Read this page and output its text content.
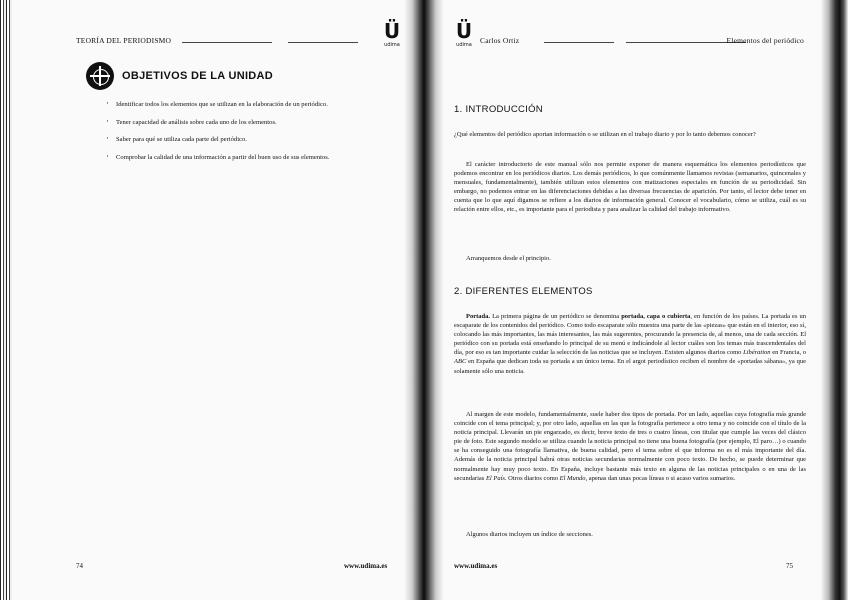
TEORÍA DEL PERIODISMO	Ü
udima
OBJETIVOS DE LA UNIDAD
· Identificar todos los elementos que se utilizan en la elaboración de un periódico.
· Tener capacidad de análisis sobre cada uno de los elementos.
· Saber para qué se utiliza cada parte del periódico.
· Comprobar la calidad de una información a partir del buen uso de sus elementos.
74	www.udima.es
Ü
udima Carlos Ortiz	Elementos del periódico
1. INTRODUCCIÓN

¿Qué elementos del periódico aportan información o se utilizan en el trabajo diario y por lo tanto debemos conocer?

El carácter introductorio de este manual sólo nos permite exponer de manera esquemática los elementos periodísticos que podemos encontrar en los periódicos diarios. Los demás periódicos, lo que comúnmente llamamos revistas (semanarios, quincenales y mensuales, fundamentalmente), también utilizan estos elementos con matizaciones especiales en función de su periodicidad. Sin embargo, no podemos entrar en las diferenciaciones debidas a las diversas frecuencias de aparición. Por tanto, el lector debe tener en cuenta que lo que aquí digamos se refiere a los diarios de información general. Conocer el vocabulario, cómo se utiliza, cuál es su relación entre ellos, etc., es importante para el periodista y para analizar la calidad del trabajo informativo.

Arranquemos desde el principio.

2. DIFERENTES ELEMENTOS

Portada. La primera página de un periódico se denomina portada, capa o cubierta, en función de los países. La portada es un escaparate de los contenidos del periódico. Como todo escaparate sólo muestra una parte de las «piezas» que están en el interior, eso sí, colocando las más importantes, las más interesantes, las más sugerentes, procurando la presencia de, al menos, una de cada sección. El periódico con su portada está enseñando lo principal de su menú e indicándole al lector cuáles son los temas más trascendentales del día, por eso es tan importante cuidar la selección de las noticias que se incluyen. Existen algunos diarios como Libération en Francia, o ABC en España que dedican toda su portada a un único tema. En el argot periodístico reciben el nombre de «portadas sábana», ya que solamente sólo una noticia.

Al margen de este modelo, fundamentalmente, suele haber dos tipos de portada. Por un lado, aquellas cuya fotografía más grande coincide con el tema principal; y, por otro lado, aquellas en las que la fotografía pertenece a otro tema y no coincide con el título de la noticia principal. Llevarán un pie engarzado, es decir, breve texto de tres o cuatro líneas, con titular que cumple las veces del clásico pie de foto. Este segundo modelo se utiliza cuando la noticia principal no tiene una buena fotografía (por ejemplo, El paro…) o cuando se ha conseguido una fotografía llamativa, de buena calidad, pero el tema sobre el que informa no es el más importante del día. Además de la noticia principal habrá otras noticias secundarias normalmente con poco texto. De hecho, se puede determinar que normalmente hay muy poco texto. En España, incluye bastante más texto en alguna de las noticias principales o en una de las secundarias El País. Otros diarios como El Mundo, apenas dan unas pocas líneas o si acaso varios sumarios.

Algunos diarios incluyen un índice de secciones.

www.udima.es	75
